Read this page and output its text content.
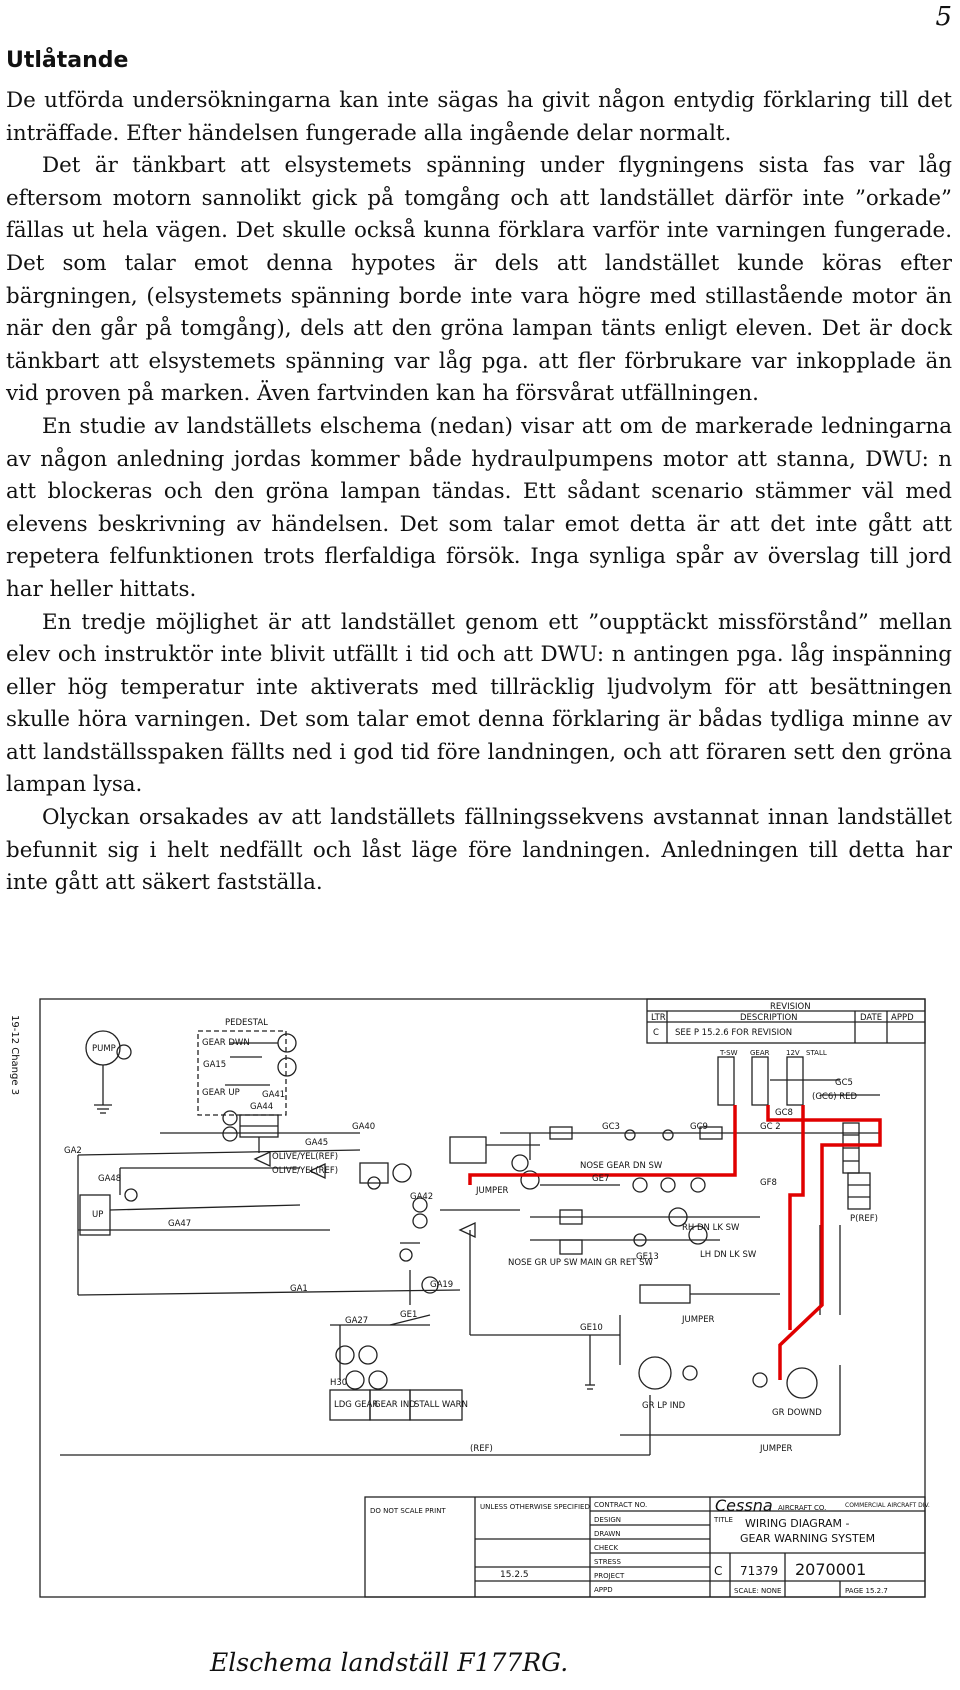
5
Utlåtande

De utförda undersökningarna kan inte sägas ha givit någon entydig förklaring till det inträffade. Efter händelsen fungerade alla ingående delar normalt.

Det är tänkbart att elsystemets spänning under flygningens sista fas var låg eftersom motorn sannolikt gick på tomgång och att landstället därför inte ”orkade” fällas ut hela vägen. Det skulle också kunna förklara varför inte varningen fungerade. Det som talar emot denna hypotes är dels att landstället kunde köras efter bärgningen, (elsystemets spänning borde inte vara högre med stillastående motor än när den går på tomgång), dels att den gröna lampan tänts enligt eleven. Det är dock tänkbart att elsystemets spänning var låg pga. att fler förbrukare var inkopplade än vid proven på marken. Även fartvinden kan ha försvårat utfällningen.

En studie av landställets elschema (nedan) visar att om de markerade ledningarna av någon anledning jordas kommer både hydraulpumpens motor att stanna, DWU: n att blockeras och den gröna lampan tändas. Ett sådant scenario stämmer väl med elevens beskrivning av händelsen. Det som talar emot detta är att det inte gått att repetera felfunktionen trots flerfaldiga försök. Inga synliga spår av överslag till jord har heller hittats.

En tredje möjlighet är att landstället genom ett ”oupptäckt missförstånd” mellan elev och instruktör inte blivit utfällt i tid och att DWU: n antingen pga. låg inspänning eller hög temperatur inte aktiverats med tillräcklig ljudvolym för att besättningen skulle höra varningen. Det som talar emot denna förklaring är bådas tydliga minne av att landställsspaken fällts ned i god tid före landningen, och att föraren sett den gröna lampan lysa.

Olyckan orsakades av att landställets fällningssekvens avstannat innan landstället befunnit sig i helt nedfällt och låst läge före landningen. Anledningen till detta har inte gått att säkert fastställa.

19-12 Change 3	PUMP
PEDESTAL
GEAR DWN
GA15
GEAR UP	GA41
GA44
GA40
GA45
GA48
GA2
GA47
UP
OLIVE/YEL(REF)
OLIVE/YEL(REF)
GA42
GA1
GA27
GA19
GE1
GE7
GE10
GE13
GC3	GC9	GC 2
GC5
GC8
(GC6) RED
GF8
NOSE GEAR DN SW
NOSE GR UP SW MAIN GR RET SW
RH DN LK SW
LH DN LK SW
JUMPER
JUMPER
JUMPER
GR LP IND
GR DOWND
H30
LDG GEAR
GEAR IND
STALL WARN
(REF)
P(REF)
REVISION
LTR	DESCRIPTION	DATE APPD
C SEE P 15.2.6 FOR REVISION
T-SW GEAR 12V STALL
DO NOT SCALE PRINT	UNLESS OTHERWISE SPECIFIED CONTRACT NO.
DESIGN
DRAWN
CHECK
STRESS
PROJECT
APPD
15.2.5
Cessna AIRCRAFT CO.	COMMERCIAL AIRCRAFT DIV.
TITLE WIRING DIAGRAM -
GEAR WARNING SYSTEM
C 71379 2070001
SCALE: NONE	PAGE 15.2.7
Elschema landställ F177RG.
